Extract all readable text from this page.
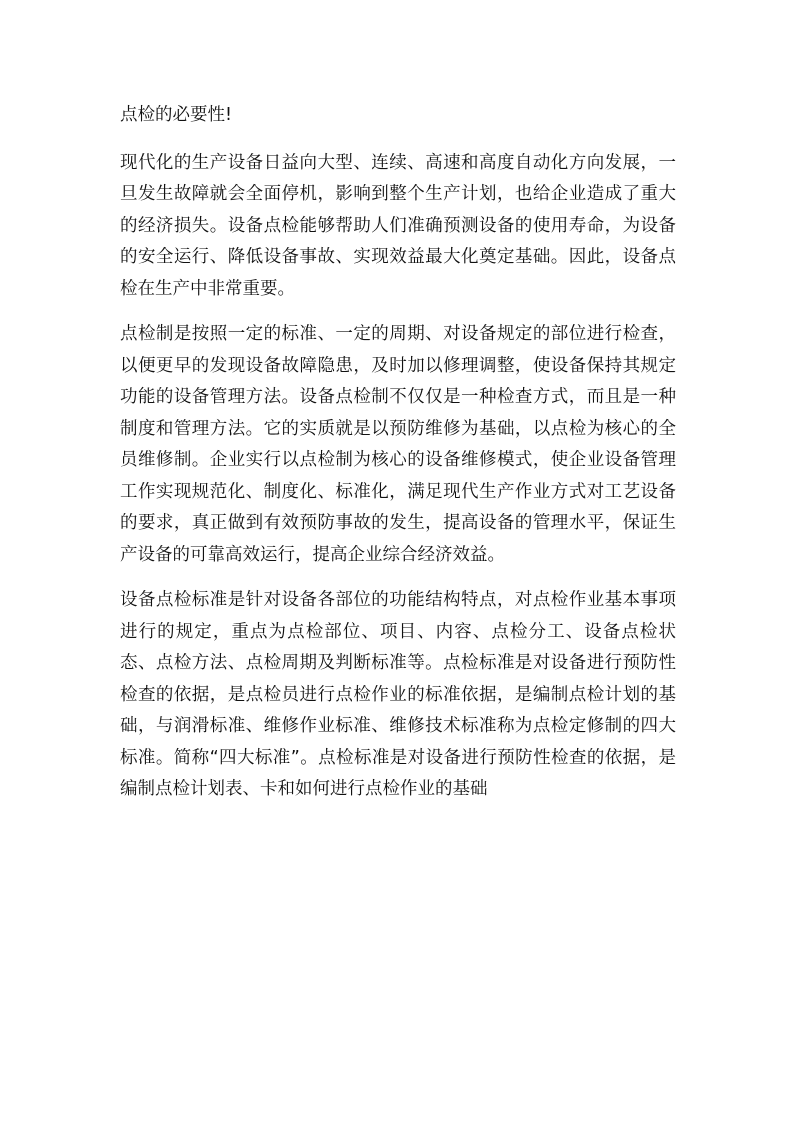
点检的必要性!

现代化的生产设备日益向大型、连续、高速和高度自动化方向发展，一旦发生故障就会全面停机，影响到整个生产计划，也给企业造成了重大的经济损失。设备点检能够帮助人们准确预测设备的使用寿命，为设备的安全运行、降低设备事故、实现效益最大化奠定基础。因此，设备点检在生产中非常重要。

点检制是按照一定的标准、一定的周期、对设备规定的部位进行检查，以便更早的发现设备故障隐患，及时加以修理调整，使设备保持其规定功能的设备管理方法。设备点检制不仅仅是一种检查方式，而且是一种制度和管理方法。它的实质就是以预防维修为基础，以点检为核心的全员维修制。企业实行以点检制为核心的设备维修模式，使企业设备管理工作实现规范化、制度化、标准化，满足现代生产作业方式对工艺设备的要求，真正做到有效预防事故的发生，提高设备的管理水平，保证生产设备的可靠高效运行，提高企业综合经济效益。

设备点检标准是针对设备各部位的功能结构特点，对点检作业基本事项进行的规定，重点为点检部位、项目、内容、点检分工、设备点检状态、点检方法、点检周期及判断标准等。点检标准是对设备进行预防性检查的依据，是点检员进行点检作业的标准依据，是编制点检计划的基础，与润滑标准、维修作业标准、维修技术标准称为点检定修制的四大标准。简称“四大标准”。点检标准是对设备进行预防性检查的依据，是编制点检计划表、卡和如何进行点检作业的基础
